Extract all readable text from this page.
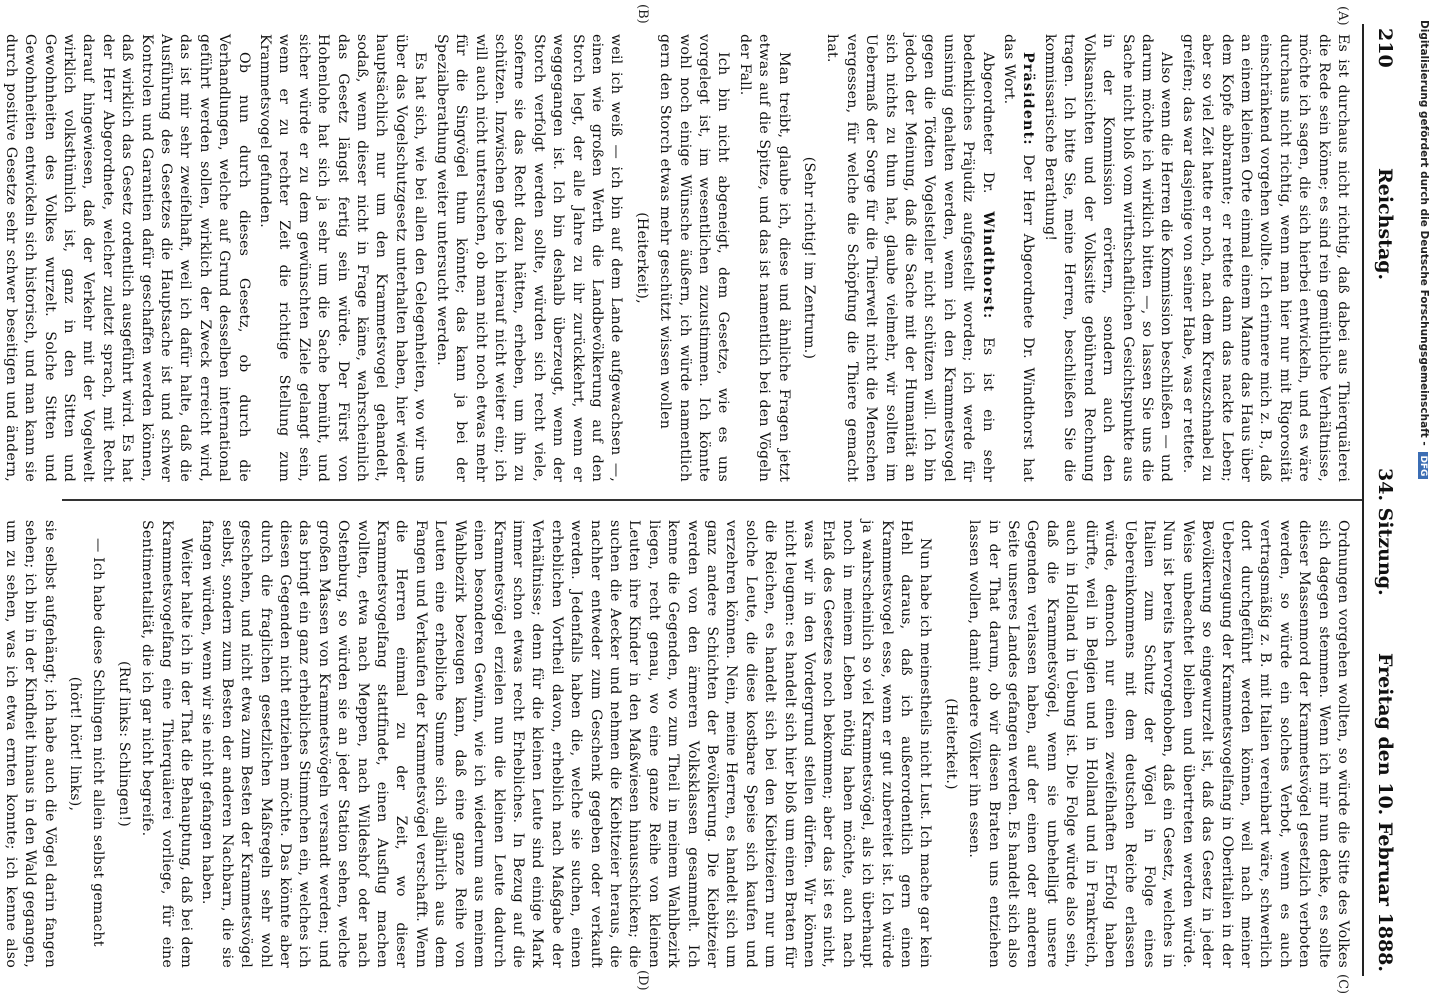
210
Reichstag.
34. Sitzung.
Freitag den 10. Februar 1888.
(A)
(B)
(C)
(D)

Es ist durchaus nicht richtig, daß dabei aus Thierquälerei die Rede sein könne; es sind rein gemüthliche Verhältnisse, möchte ich sagen, die sich hierbei entwickeln, und es wäre durchaus nicht richtig, wenn man hier nur mit Rigorosität einschränkend vorgehen wollte. Ich erinnere mich z. B., daß an einem kleinen Orte einmal einem Manne das Haus über dem Kopfe abbrannte; er rettete dann das nackte Leben; aber so viel Zeit hatte er noch, nach dem Kreuzschnabel zu greifen; das war dasjenige von seiner Habe, was er rettete.

Also wenn die Herren die Kommission beschließen — und darum möchte ich wirklich bitten —, so lassen Sie uns die Sache nicht bloß vom wirthschaftlichen Gesichtspunkte aus in der Kommission erörtern, sondern auch den Volksansichten und der Volkssitte gebührend Rechnung tragen. Ich bitte Sie, meine Herren, beschließen Sie die kommissarische Berathung!

Präsident: Der Herr Abgeordnete Dr. Windthorst hat das Wort.

Abgeordneter Dr. Windthorst: Es ist ein sehr bedenkliches Präjudiz aufgestellt worden; ich werde für unsinnig gehalten werden, wenn ich den Krammetsvogel gegen die Tödten Vogelsteller nicht schützen will. Ich bin jedoch der Meinung, daß die Sache mit der Humanität an sich nichts zu thun hat, glaube vielmehr, wir sollten im Uebermaß der Sorge für die Thierwelt nicht die Menschen vergessen, für welche die Schöpfung die Thiere gemacht hat.

(Sehr richtig! im Zentrum.)

Man treibt, glaube ich, diese und ähnliche Fragen jetzt etwas auf die Spitze, und das ist namentlich bei den Vögeln der Fall.

Ich bin nicht abgeneigt, dem Gesetze, wie es uns vorgelegt ist, im wesentlichen zuzustimmen. Ich könnte wohl noch einige Wünsche äußern, ich würde namentlich gern den Storch etwas mehr geschützt wissen wollen

(Heiterkeit),

weil ich weiß — ich bin auf dem Lande aufgewachsen —, einen wie großen Werth die Landbevölkerung auf den Storch legt, der alle Jahre zu ihr zurückkehrt, wenn er weggegangen ist. Ich bin deshalb überzeugt, wenn der Storch verfolgt werden sollte, würden sich recht viele, soferne sie das Recht dazu hätten, erheben, um ihn zu schützen. Inzwischen gebe ich hierauf nicht weiter ein; ich will auch nicht untersuchen, ob man nicht noch etwas mehr für die Singvögel thun könnte; das kann ja bei der Spezialberathung weiter untersucht werden.

Es hat sich, wie bei allen den Gelegenheiten, wo wir uns über das Vogelschutzgesetz unterhalten haben, hier wieder hauptsächlich nur um den Krammetsvogel gehandelt, sodaß, wenn dieser nicht in Frage käme, wahrscheinlich das Gesetz längst fertig sein würde. Der Fürst von Hohenlohe hat sich ja sehr um die Sache bemüht, und sicher würde er zu dem gewünschten Ziele gelangt sein, wenn er zu rechter Zeit die richtige Stellung zum Krammetsvogel gefunden.

Ob nun durch dieses Gesetz, ob durch die Verhandlungen, welche auf Grund desselben international geführt werden sollen, wirklich der Zweck erreicht wird, das ist mir sehr zweifelhaft, weil ich dafür halte, daß die Ausführung des Gesetzes die Hauptsache ist und schwer Kontrolen und Garantien dafür geschaffen werden können, daß wirklich das Gesetz ordentlich ausgeführt wird. Es hat der Herr Abgeordnete, welcher zuletzt sprach, mit Recht darauf hingewiesen, daß der Verkehr mit der Vogelwelt wirklich volksthümlich ist, ganz in den Sitten und Gewohnheiten des Volkes wurzelt. Solche Sitten und Gewohnheiten entwickeln sich historisch, und man kann sie durch positive Gesetze sehr schwer beseitigen und ändern,

Ordnungen vorgehen wollten, so würde die Sitte des Volkes sich dagegen stemmen. Wenn ich mir nun denke, es sollte dieser Massenmord der Krammetsvögel gesetzlich verboten werden, so würde ein solches Verbot, wenn es auch vertragsmäßig z. B. mit Italien vereinbart wäre, schwerlich dort durchgeführt werden können, weil nach meiner Ueberzeugung der Krammetsvogelfang in Oberitalien in der Bevölkerung so eingewurzelt ist, daß das Gesetz in jeder Weise unbeachtet bleiben und übertreten werden würde. Nun ist bereits hervorgehoben, daß ein Gesetz, welches in Italien zum Schutz der Vögel in Folge eines Uebereinkommens mit dem deutschen Reiche erlassen würde, dennoch nur einen zweifelhaften Erfolg haben dürfte, weil in Belgien und in Holland und in Frankreich, auch in Holland in Uebung ist. Die Folge würde also sein, daß die Krammetsvögel, wenn sie unbehelligt unsere Gegenden verlassen haben, auf der einen oder anderen Seite unseres Landes gefangen werden. Es handelt sich also in der That darum, ob wir diesen Braten uns entziehen lassen wollen, damit andere Völker ihn essen.

(Heiterkeit.)

Nun habe ich meinestheils nicht Lust. Ich mache gar kein Hehl daraus, daß ich außerordentlich gern einen Krammetsvogel esse, wenn er gut zubereitet ist. Ich würde ja wahrscheinlich so viel Krammetsvögel, als ich überhaupt noch in meinem Leben nöthig haben möchte, auch nach Erlaß des Gesetzes noch bekommen; aber das ist es nicht, was wir in den Vordergrund stellen dürfen. Wir können nicht leugnen: es handelt sich hier bloß um einen Braten für die Reichen, es handelt sich bei den Kiebitzeiern nur um solche Leute, die diese kostbare Speise sich kaufen und verzehren können. Nein, meine Herren, es handelt sich um ganz andere Schichten der Bevölkerung. Die Kiebitzeier werden von den ärmeren Volksklassen gesammelt. Ich kenne die Gegenden, wo zum Theil in meinem Wahlbezirk liegen, recht genau, wo eine ganze Reihe von kleinen Leuten ihre Kinder in den Maßwiesen hinausschicken; die suchen die Aecker und nehmen die Kiebitzeier heraus, die nachher entweder zum Geschenk gegeben oder verkauft werden. Jedenfalls haben die, welche sie suchen, einen erheblichen Vortheil davon, erheblich nach Maßgabe der Verhältnisse; denn für die kleinen Leute sind einige Mark immer schon etwas recht Erhebliches. In Bezug auf die Krammetsvögel erzielen nun die kleinen Leute dadurch einen besonderen Gewinn, wie ich wiederum aus meinem Wahlbezirk bezeugen kann, daß eine ganze Reihe von Leuten eine erhebliche Summe sich alljährlich aus dem Fangen und Verkaufen der Krammetsvögel verschafft. Wenn die Herren einmal zu der Zeit, wo dieser Krammetsvogelfang stattfindet, einen Ausflug machen wollten, etwa nach Meppen, nach Wildeshof oder nach Ostenburg, so würden sie an jeder Station sehen, welche großen Massen von Krammetsvögeln versandt werden; und das bringt ein ganz erhebliches Stimmchen ein, welches ich diesen Gegenden nicht entziehen möchte. Das könnte aber durch die fraglichen gesetzlichen Maßregeln sehr wohl geschehen, und nicht etwa zum Besten der Krammetsvögel selbst, sondern zum Besten der anderen Nachbarn, die sie fangen würden, wenn wir sie nicht gefangen haben.

Weiter halte ich in der That die Behauptung, daß bei dem Krammetsvogelfang eine Thierquälerei vorliege, für eine Sentimentalität, die ich gar nicht begreife.

(Ruf links: Schlingen!)

— Ich habe diese Schlingen nicht allein selbst gemacht

(hört! hört! links),

sie selbst aufgehängt; ich habe auch die Vögel darin fangen sehen; ich bin in der Kindheit hinaus in den Wald gegangen, um zu sehen, was ich etwa ernten konnte; ich kenne also

Digitalisierung gefördert durch die Deutsche Forschungsgemeinschaft - DFG
